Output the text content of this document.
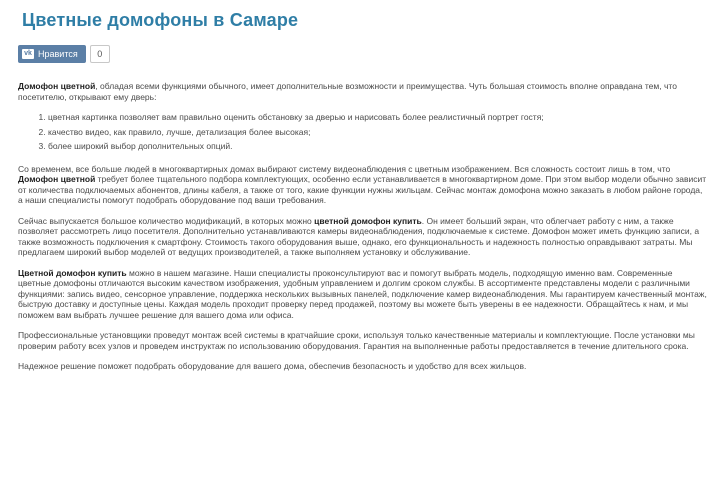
Цветные домофоны в Самаре
vk Нравится	0

Домофон цветной, обладая всеми функциями обычного, имеет дополнительные возможности и преимущества. Чуть большая стоимость вполне оправдана тем, что посетителю, открывают ему дверь:

1. цветная картинка позволяет вам правильно оценить обстановку за дверью и нарисовать более реалистичный портрет гостя;
2. качество видео, как правило, лучше, детализация более высокая;
3. более широкий выбор дополнительных опций.

Со временем, все больше людей в многоквартирных домах выбирают систему видеонаблюдения с цветным изображением. Вся сложность состоит лишь в том, что Домофон цветной требует более тщательного подбора комплектующих, особенно если устанавливается в многоквартирном доме. При этом выбор модели обычно зависит от количества подключаемых абонентов, длины кабеля, а также от того, какие функции нужны жильцам. Сейчас монтаж домофона можно заказать в любом районе города, а наши специалисты помогут подобрать оборудование под ваши требования.

Сейчас выпускается большое количество модификаций, в которых можно цветной домофон купить. Он имеет больший экран, что облегчает работу с ним, а также позволяет рассмотреть лицо посетителя. Дополнительно устанавливаются камеры видеонаблюдения, подключаемые к системе. Домофон может иметь функцию записи, а также возможность подключения к смартфону. Стоимость такого оборудования выше, однако, его функциональность и надежность полностью оправдывают затраты. Мы предлагаем широкий выбор моделей от ведущих производителей, а также выполняем установку и обслуживание.

Цветной домофон купить можно в нашем магазине. Наши специалисты проконсультируют вас и помогут выбрать модель, подходящую именно вам. Современные цветные домофоны отличаются высоким качеством изображения, удобным управлением и долгим сроком службы. В ассортименте представлены модели с различными функциями: запись видео, сенсорное управление, поддержка нескольких вызывных панелей, подключение камер видеонаблюдения. Мы гарантируем качественный монтаж, быструю доставку и доступные цены. Каждая модель проходит проверку перед продажей, поэтому вы можете быть уверены в ее надежности. Обращайтесь к нам, и мы поможем вам выбрать лучшее решение для вашего дома или офиса.

Профессиональные установщики проведут монтаж всей системы в кратчайшие сроки, используя только качественные материалы и комплектующие. После установки мы проверим работу всех узлов и проведем инструктаж по использованию оборудования. Гарантия на выполненные работы предоставляется в течение длительного срока.

Надежное решение поможет подобрать оборудование для вашего дома, обеспечив безопасность и удобство для всех жильцов.
